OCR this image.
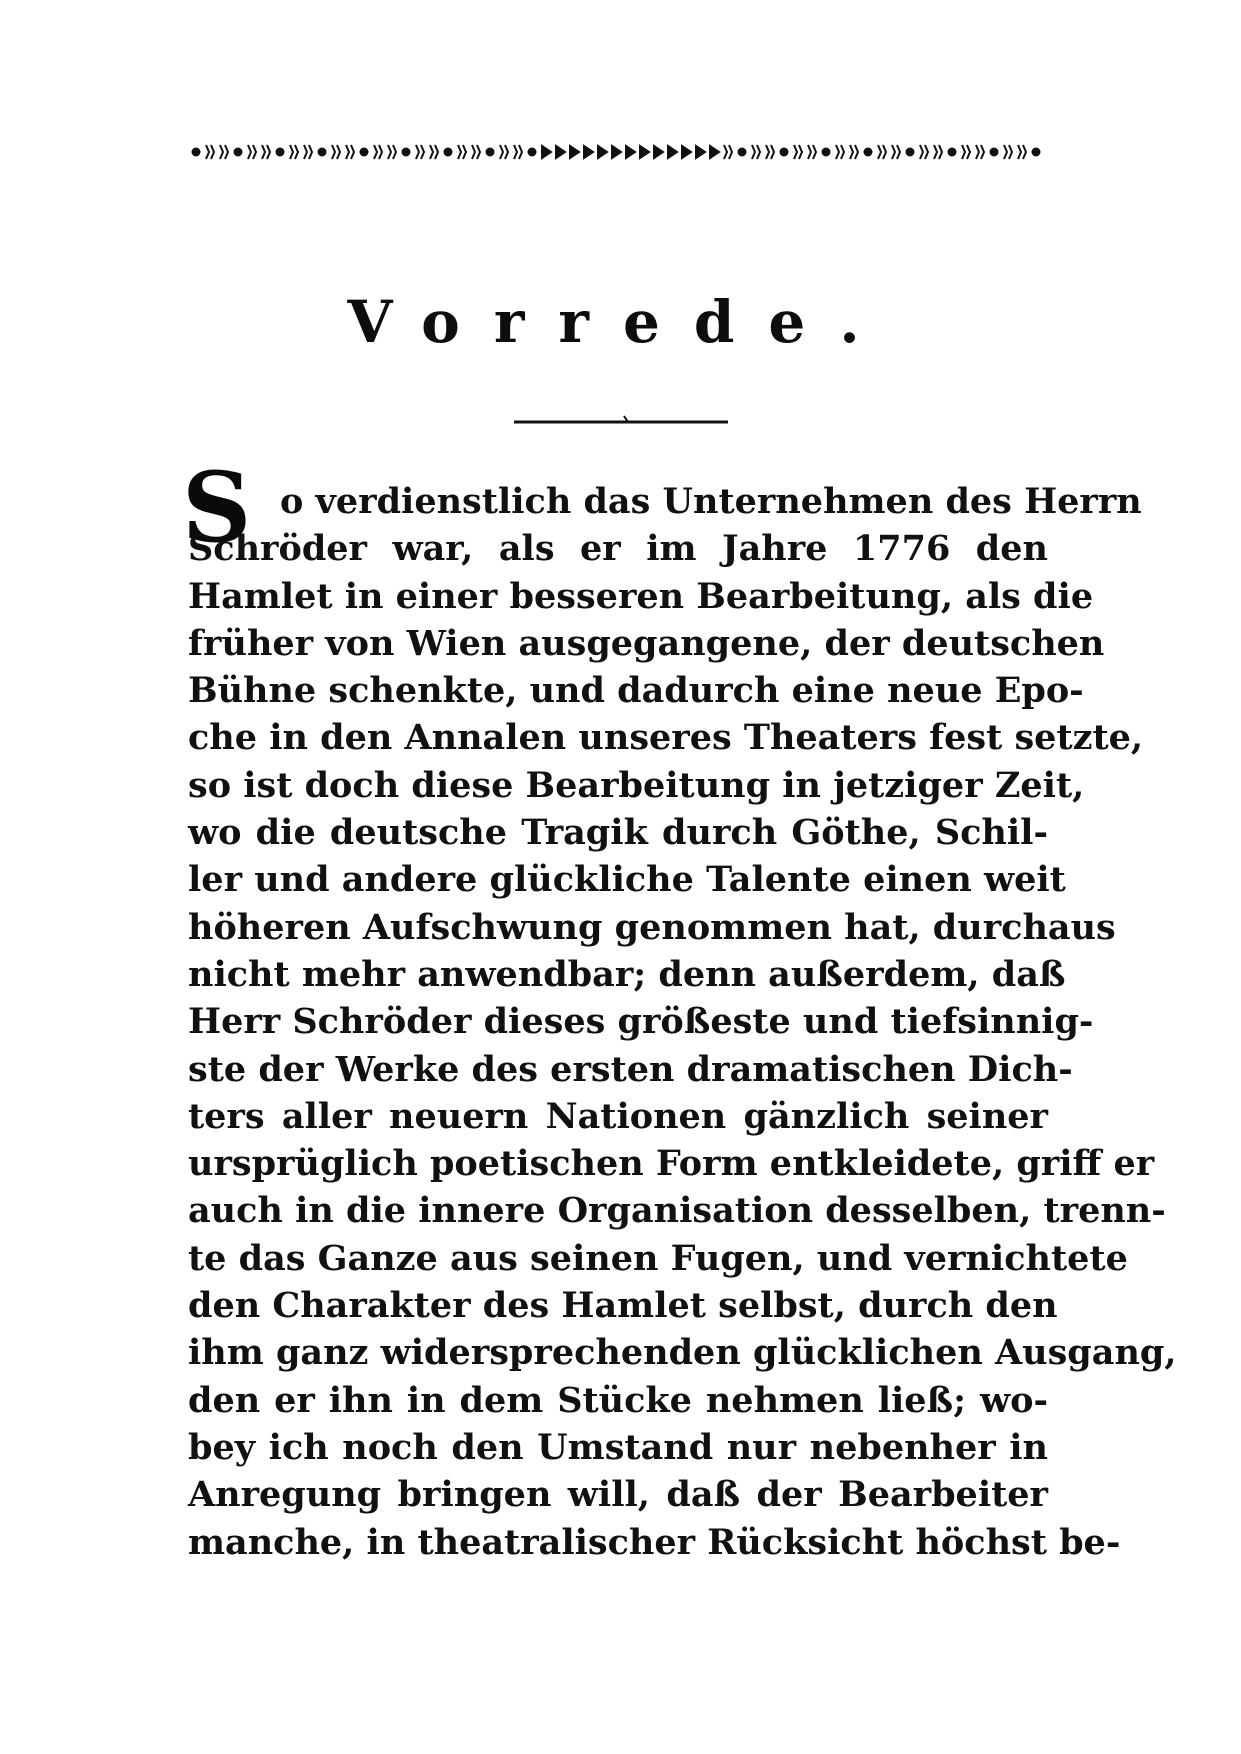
Vorrede.
S o verdienstlich das Unternehmen des Herrn
Schröder war, als er im Jahre 1776 den
Hamlet in einer besseren Bearbeitung, als die
früher von Wien ausgegangene, der deutschen
Bühne schenkte, und dadurch eine neue Epo-
che in den Annalen unseres Theaters fest setzte,
so ist doch diese Bearbeitung in jetziger Zeit,
wo die deutsche Tragik durch Göthe, Schil-
ler und andere glückliche Talente einen weit
höheren Aufschwung genommen hat, durchaus
nicht mehr anwendbar; denn außerdem, daß
Herr Schröder dieses größeste und tiefsinnig-
ste der Werke des ersten dramatischen Dich-
ters aller neuern Nationen gänzlich seiner
ursprüglich poetischen Form entkleidete, griff er
auch in die innere Organisation desselben, trenn-
te das Ganze aus seinen Fugen, und vernichtete
den Charakter des Hamlet selbst, durch den
ihm ganz widersprechenden glücklichen Ausgang,
den er ihn in dem Stücke nehmen ließ; wo-
bey ich noch den Umstand nur nebenher in
Anregung bringen will, daß der Bearbeiter
manche, in theatralischer Rücksicht höchst be-
